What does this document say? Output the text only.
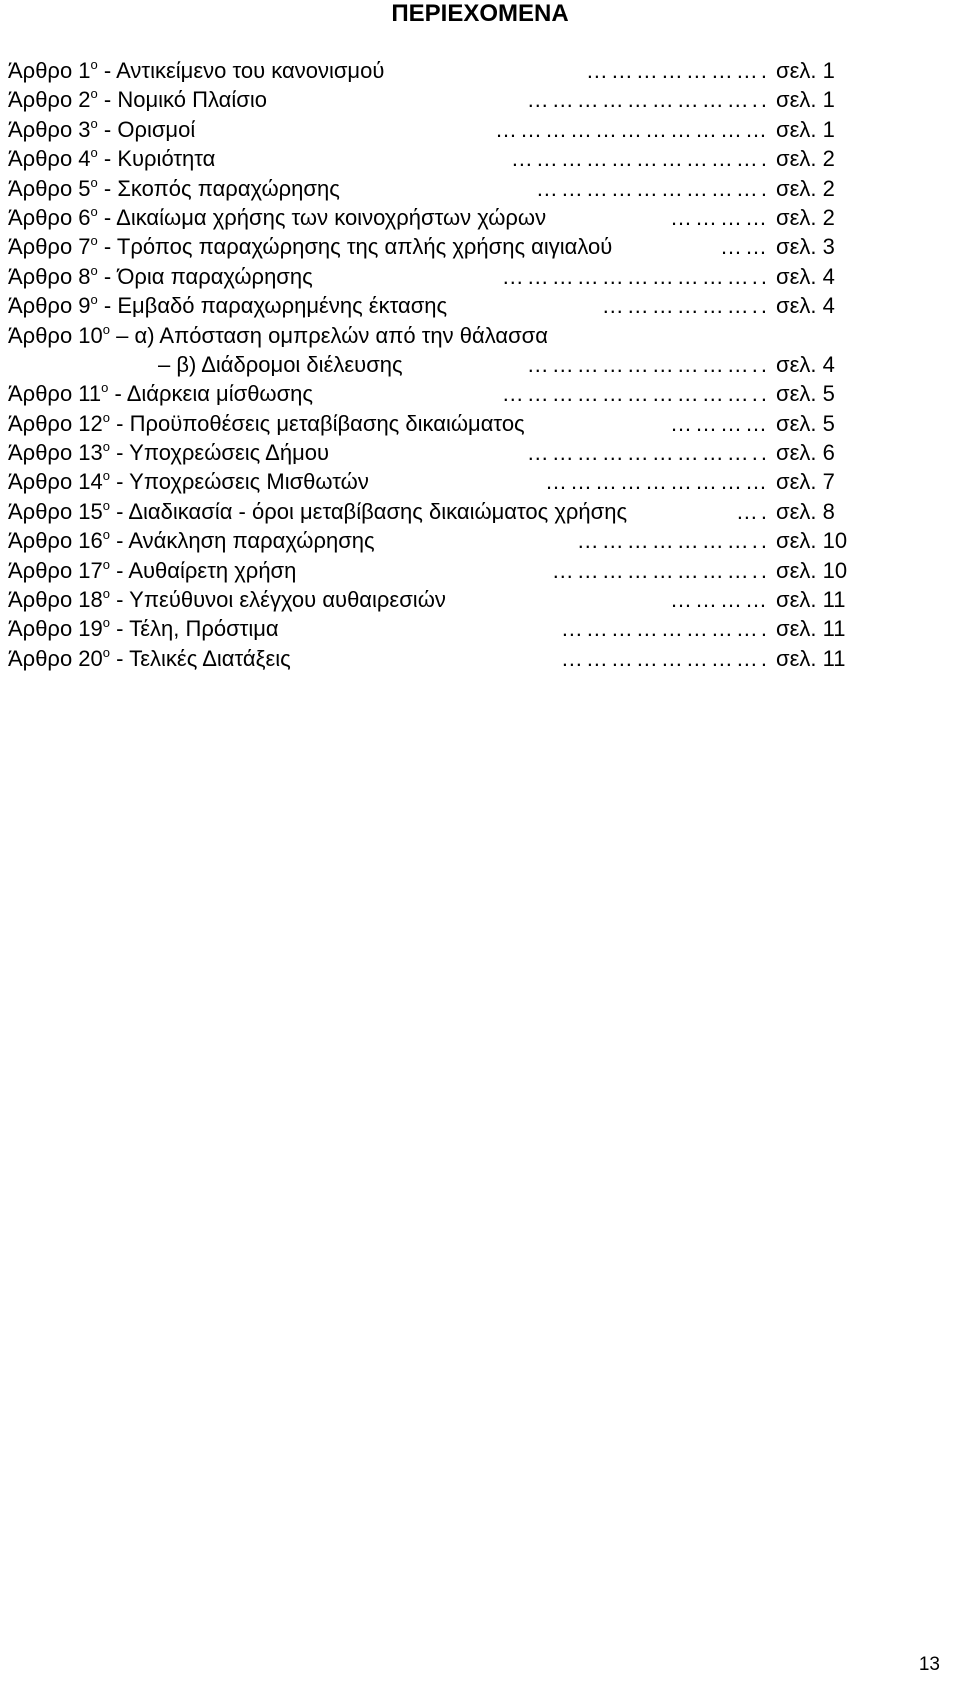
ΠΕΡΙΕΧΟΜΕΝΑ
Άρθρο $1^o$ - Αντικείμενο του κανονισμού	…………………. σελ. 1
Άρθρο $2^o$ - Νομικό Πλαίσιο	……………………….. σελ. 1
Άρθρο $3^o$ - Ορισμοί	…………………………… σελ. 1
Άρθρο $4^o$ - Κυριότητα	…………………………. σελ. 2
Άρθρο $5^o$ - Σκοπός παραχώρησης	………………………. σελ. 2
Άρθρο $6^o$ - Δικαίωμα χρήσης των κοινοχρήστων χώρων	………… σελ. 2
Άρθρο $7^o$ - Τρόπος παραχώρησης της απλής χρήσης αιγιαλού	…… σελ. 3
Άρθρο $8^o$ - Όρια παραχώρησης	………………………….. σελ. 4
Άρθρο $9^o$ - Εμβαδό παραχωρημένης έκτασης	……………….. σελ. 4
Άρθρο $10^o - \alpha$) Απόσταση ομπρελών από την θάλασσα
– β) Διάδρομοι διέλευσης	……………………….. σελ. 4
Άρθρο $11^o$ - Διάρκεια μίσθωσης	………………………….. σελ. 5
Άρθρο $12^o$ - Προϋποθέσεις μεταβίβασης δικαιώματος	………… σελ. 5
Άρθρο $13^o$ - Υποχρεώσεις Δήμου	……………………….. σελ. 6
Άρθρο $14^o$ - Υποχρεώσεις Μισθωτών	……………………… σελ. 7
Άρθρο $15^o$ - Διαδικασία - όροι μεταβίβασης δικαιώματος χρήσης	…. σελ. 8
Άρθρο $16^o$ - Ανάκληση παραχώρησης	………………….. σελ. 10
Άρθρο $17^o$ - Αυθαίρετη χρήση	…………………….. σελ. 10
Άρθρο $18^o$ - Υπεύθυνοι ελέγχου αυθαιρεσιών	………… σελ. 11
Άρθρο $19^o$ - Τέλη, Πρόστιμα	……………………. σελ. 11
Άρθρο $20^o$ - Τελικές Διατάξεις	……………………. σελ. 11
13
